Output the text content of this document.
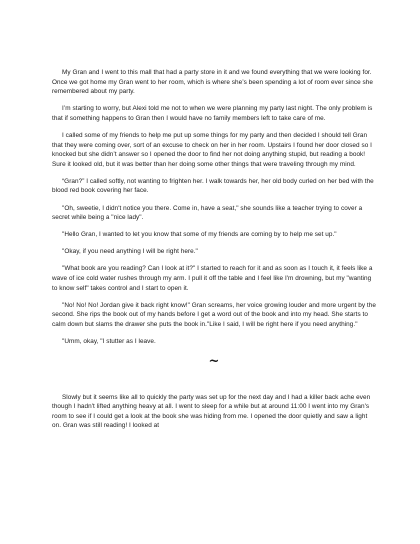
My Gran and I went to this mall that had a party store in it and we found everything that we were looking for. Once we got home my Gran went to her room, which is where she’s been spending a lot of room ever since she remembered about my party.

I’m starting to worry, but Alexi told me not to when we were planning my party last night. The only problem is that if something happens to Gran then I would have no family members left to take care of me.

I called some of my friends to help me put up some things for my party and then decided I should tell Gran that they were coming over, sort of an excuse to check on her in her room. Upstairs I found her door closed so I knocked but she didn’t answer so I opened the door to find her not doing anything stupid, but reading a book! Sure it looked old, but it was better than her doing some other things that were traveling through my mind.

“Gran?” I called softly, not wanting to frighten her. I walk towards her, her old body curled on her bed with the blood red book covering her face.

"Oh, sweetie, I didn't notice you there. Come in, have a seat," she sounds like a teacher trying to cover a secret while being a "nice lady".

"Hello Gran, I wanted to let you know that some of my friends are coming by to help me set up."

"Okay, if you need anything I will be right here."

"What book are you reading? Can I look at it?" I started to reach for it and as soon as I touch it, it feels like a wave of ice cold water rushes through my arm. I pull it off the table and I feel like I'm drowning, but my "wanting to know self" takes control and I start to open it.

"No! No! No! Jordan give it back right know!" Gran screams, her voice growing louder and more urgent by the second. She rips the book out of my hands before I get a word out of the book and into my head. She starts to calm down but slams the drawer she puts the book in."Like I said, I will be right here if you need anything."

"Umm, okay, "I stutter as I leave.

~

Slowly but it seems like all to quickly the party was set up for the next day and I had a killer back ache even though I hadn't lifted anything heavy at all. I went to sleep for a while but at around 11:00 I went into my Gran's room to see if I could get a look at the book she was hiding from me. I opened the door quietly and saw a light on. Gran was still reading! I looked at
